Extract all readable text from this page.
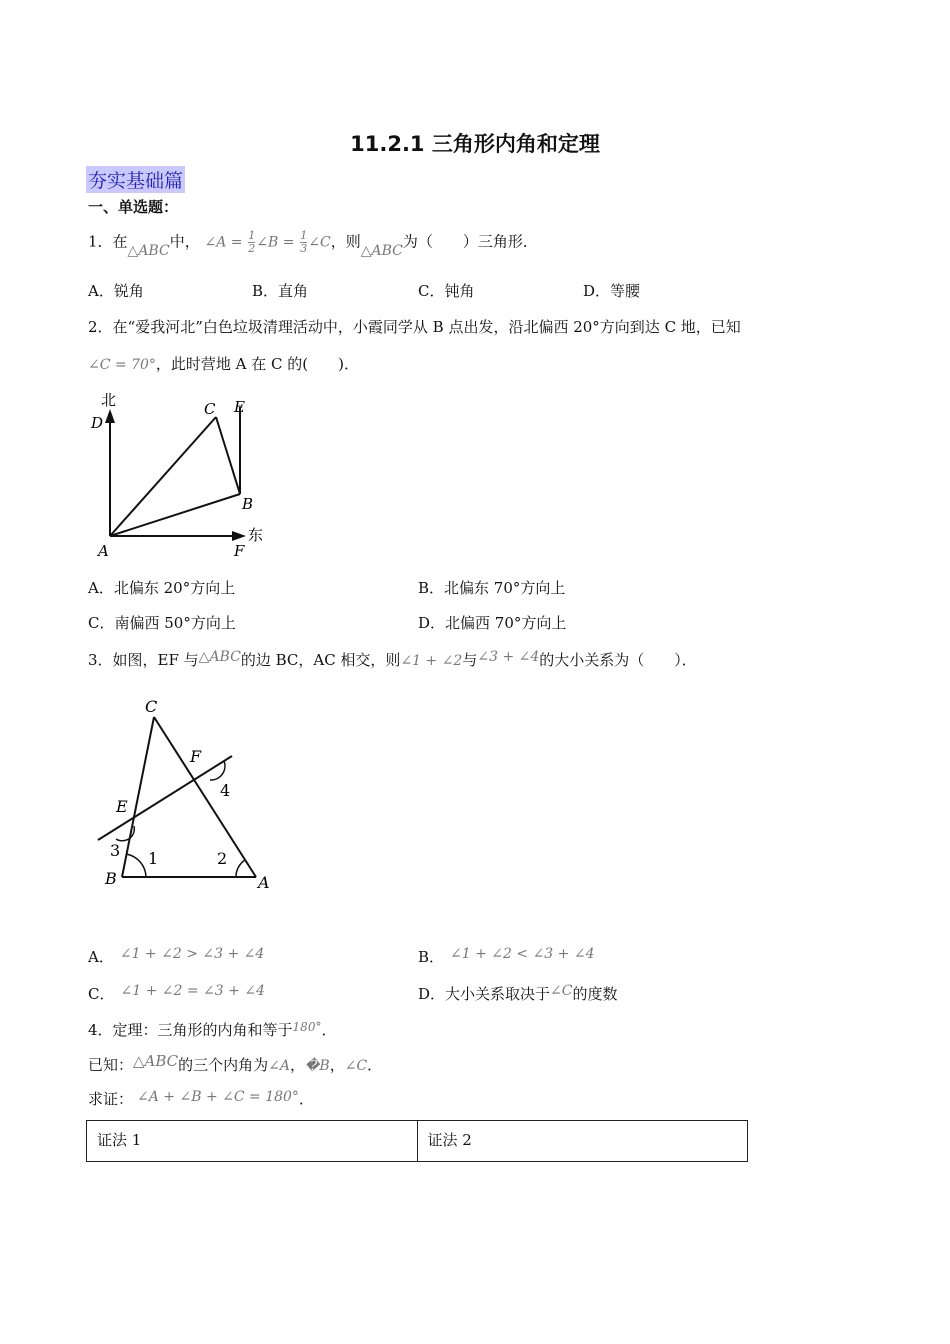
11.2.1 三角形内角和定理
夯实基础篇
一、单选题：
1．在△ABC中， ∠A = $\frac{1}{2}$ ∠B = $\frac{1}{3}$ ∠C，则△ABC为（　　）三角形．
A．锐角	B．直角	C．钝角	D．等腰
2．在“爱我河北”白色垃圾清理活动中，小霞同学从 B 点出发，沿北偏西 20°方向到达 C 地，已知
∠C = 70°，此时营地 A 在 C 的(　　)．
北
D
C E
B
东
A	F
A．北偏东 20°方向上	B．北偏东 70°方向上
C．南偏西 50°方向上	D．北偏西 70°方向上
3．如图，EF 与△ABC的边 BC，AC 相交，则∠1 + ∠2与∠3 + ∠4的大小关系为（　　）．
C
F
E
4
3 1	2
B	A
A． ∠1 + ∠2 > ∠3 + ∠4	B． ∠1 + ∠2 < ∠3 + ∠4
C． ∠1 + ∠2 = ∠3 + ∠4	D．大小关系取决于∠C的度数
4．定理：三角形的内角和等于$^{180^\circ}$．
已知：△ABC的三个内角为∠A，�B，∠C．
求证： ∠A + ∠B + ∠C = 180°．
证法 1	证法 2
